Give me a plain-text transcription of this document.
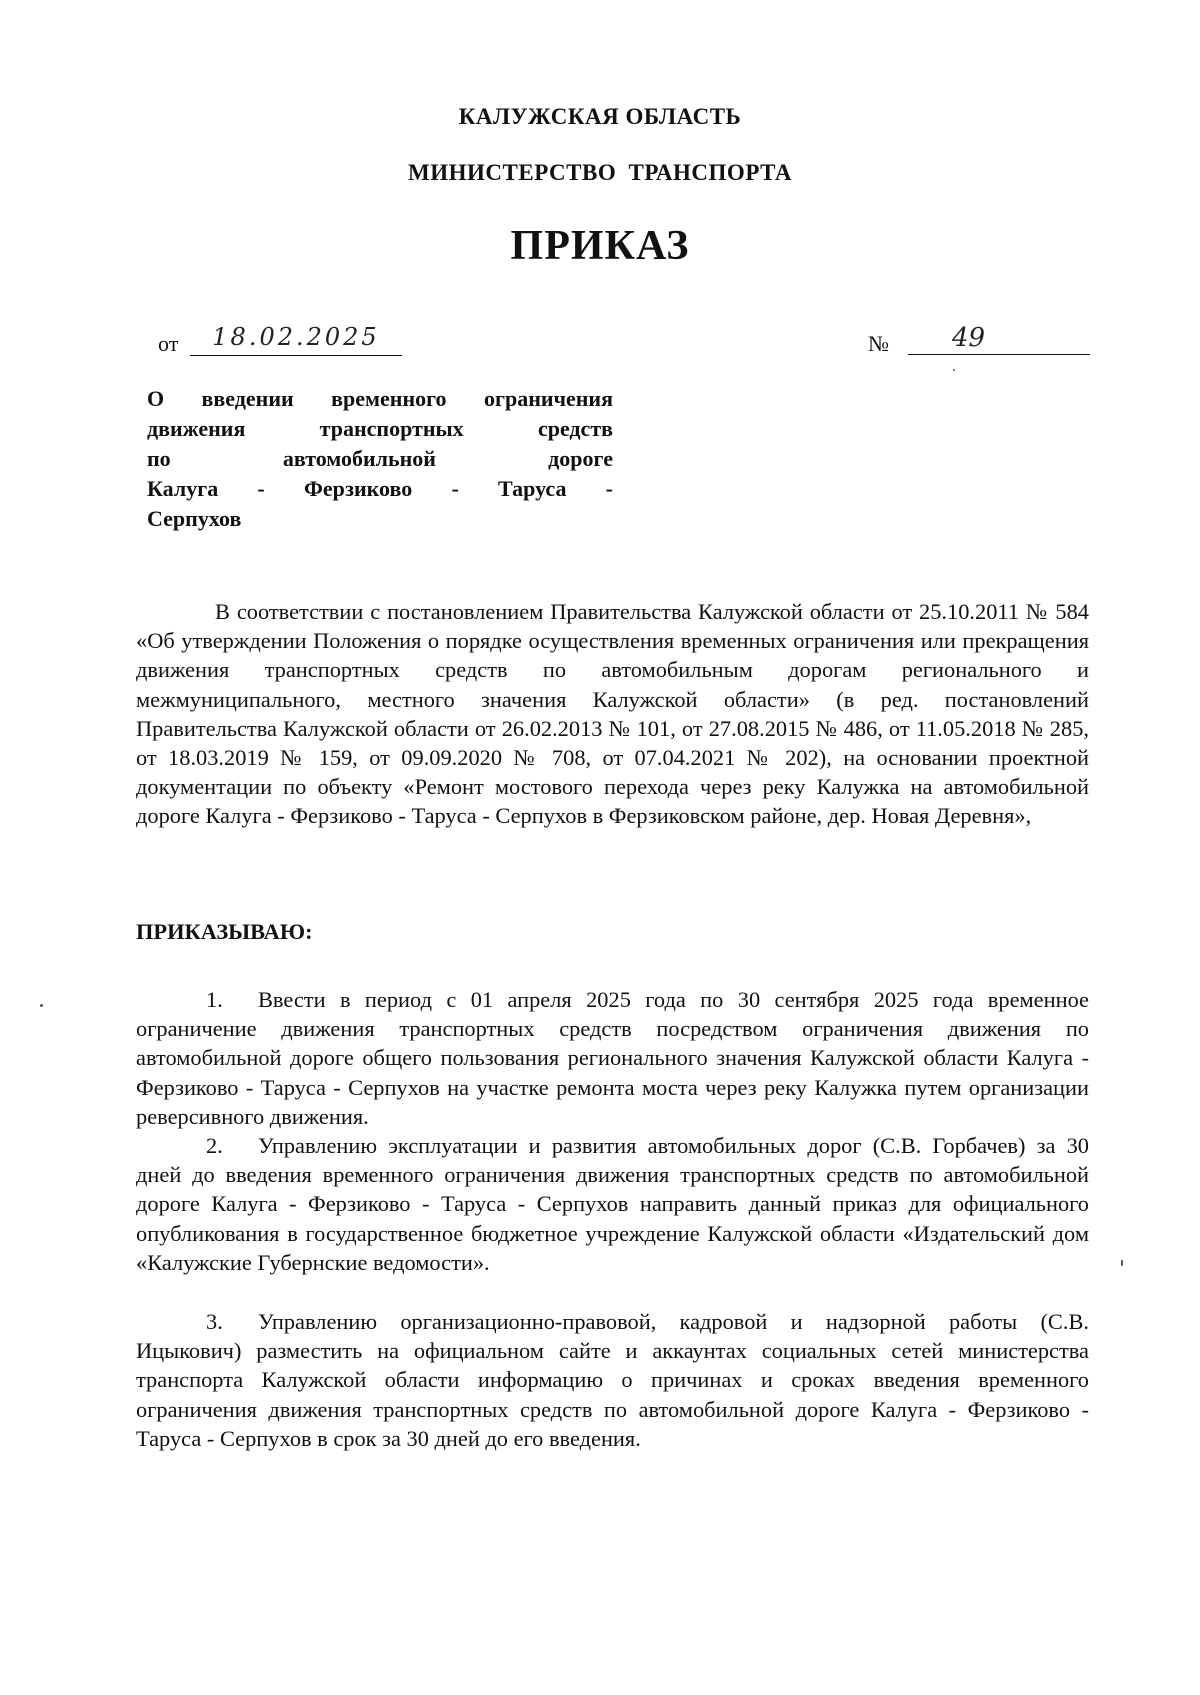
КАЛУЖСКАЯ ОБЛАСТЬ
МИНИСТЕРСТВО ТРАНСПОРТА
ПРИКАЗ
от	18.02.2025	№	49
О введении временного ограничения
движения транспортных средств
по автомобильной дороге
Калуга - Ферзиково - Таруса -
Серпухов
В соответствии с постановлением Правительства Калужской области от 25.10.2011 № 584 «Об утверждении Положения о порядке осуществления временных ограничения или прекращения движения транспортных средств по автомобильным дорогам регионального и межмуниципального, местного значения Калужской области» (в ред. постановлений Правительства Калужской области от 26.02.2013 № 101, от 27.08.2015 № 486, от 11.05.2018 № 285, от 18.03.2019 № 159, от 09.09.2020 № 708, от 07.04.2021 № 202), на основании проектной документации по объекту «Ремонт мостового перехода через реку Калужка на автомобильной дороге Калуга - Ферзиково - Таруса - Серпухов в Ферзиковском районе, дер. Новая Деревня»,
ПРИКАЗЫВАЮ:
1. Ввести в период с 01 апреля 2025 года по 30 сентября 2025 года временное ограничение движения транспортных средств посредством ограничения движения по автомобильной дороге общего пользования регионального значения Калужской области Калуга - Ферзиково - Таруса - Серпухов на участке ремонта моста через реку Калужка путем организации реверсивного движения.
2. Управлению эксплуатации и развития автомобильных дорог (С.В. Горбачев) за 30 дней до введения временного ограничения движения транспортных средств по автомобильной дороге Калуга - Ферзиково - Таруса - Серпухов направить данный приказ для официального опубликования в государственное бюджетное учреждение Калужской области «Издательский дом «Калужские Губернские ведомости».
3. Управлению организационно-правовой, кадровой и надзорной работы (С.В. Ицыкович) разместить на официальном сайте и аккаунтах социальных сетей министерства транспорта Калужской области информацию о причинах и сроках введения временного ограничения движения транспортных средств по автомобильной дороге Калуга - Ферзиково - Таруса - Серпухов в срок за 30 дней до его введения.
